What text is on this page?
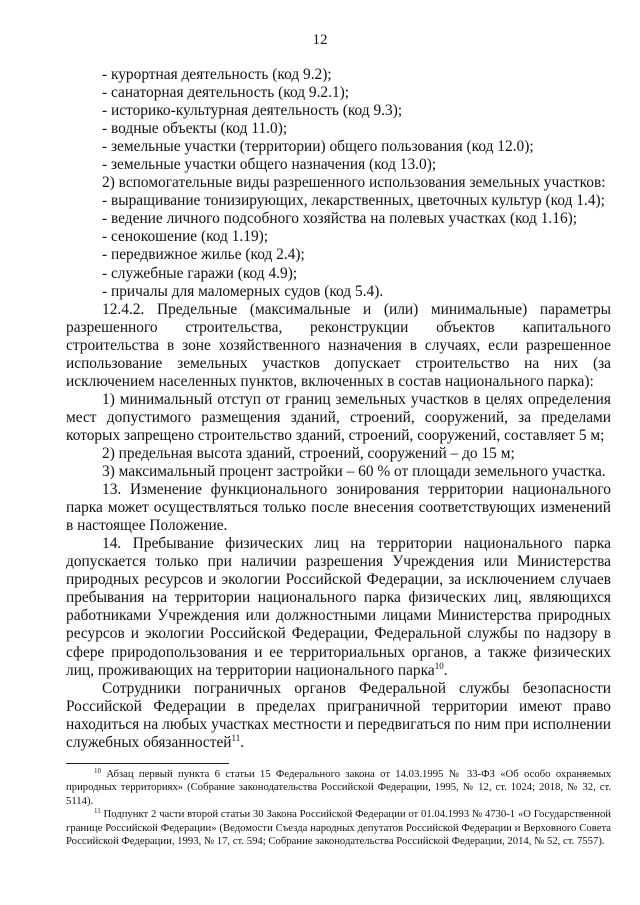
12
- курортная деятельность (код 9.2);
- санаторная деятельность (код 9.2.1);
- историко-культурная деятельность (код 9.3);
- водные объекты (код 11.0);
- земельные участки (территории) общего пользования (код 12.0);
- земельные участки общего назначения (код 13.0);
2) вспомогательные виды разрешенного использования земельных участков:
- выращивание тонизирующих, лекарственных, цветочных культур (код 1.4);
- ведение личного подсобного хозяйства на полевых участках (код 1.16);
- сенокошение (код 1.19);
- передвижное жилье (код 2.4);
- служебные гаражи (код 4.9);
- причалы для маломерных судов (код 5.4).
12.4.2. Предельные (максимальные и (или) минимальные) параметры разрешенного строительства, реконструкции объектов капитального строительства в зоне хозяйственного назначения в случаях, если разрешенное использование земельных участков допускает строительство на них (за исключением населенных пунктов, включенных в состав национального парка):
1) минимальный отступ от границ земельных участков в целях определения мест допустимого размещения зданий, строений, сооружений, за пределами которых запрещено строительство зданий, строений, сооружений, составляет 5 м;
2) предельная высота зданий, строений, сооружений – до 15 м;
3) максимальный процент застройки – 60 % от площади земельного участка.
13. Изменение функционального зонирования территории национального парка может осуществляться только после внесения соответствующих изменений в настоящее Положение.
14. Пребывание физических лиц на территории национального парка допускается только при наличии разрешения Учреждения или Министерства природных ресурсов и экологии Российской Федерации, за исключением случаев пребывания на территории национального парка физических лиц, являющихся работниками Учреждения или должностными лицами Министерства природных ресурсов и экологии Российской Федерации, Федеральной службы по надзору в сфере природопользования и ее территориальных органов, а также физических лиц, проживающих на территории национального парка$^{10}$.
Сотрудники пограничных органов Федеральной службы безопасности Российской Федерации в пределах приграничной территории имеют право находиться на любых участках местности и передвигаться по ним при исполнении служебных обязанностей$^{11}$.
$^{10}$ Абзац первый пункта 6 статьи 15 Федерального закона от 14.03.1995 № 33-ФЗ «Об особо охраняемых природных территориях» (Собрание законодательства Российской Федерации, 1995, № 12, ст. 1024; 2018, № 32, ст. 5114).
$^{11}$ Подпункт 2 части второй статьи 30 Закона Российской Федерации от 01.04.1993 № 4730-1 «О Государственной границе Российской Федерации» (Ведомости Съезда народных депутатов Российской Федерации и Верховного Совета Российской Федерации, 1993, № 17, ст. 594; Собрание законодательства Российской Федерации, 2014, № 52, ст. 7557).
